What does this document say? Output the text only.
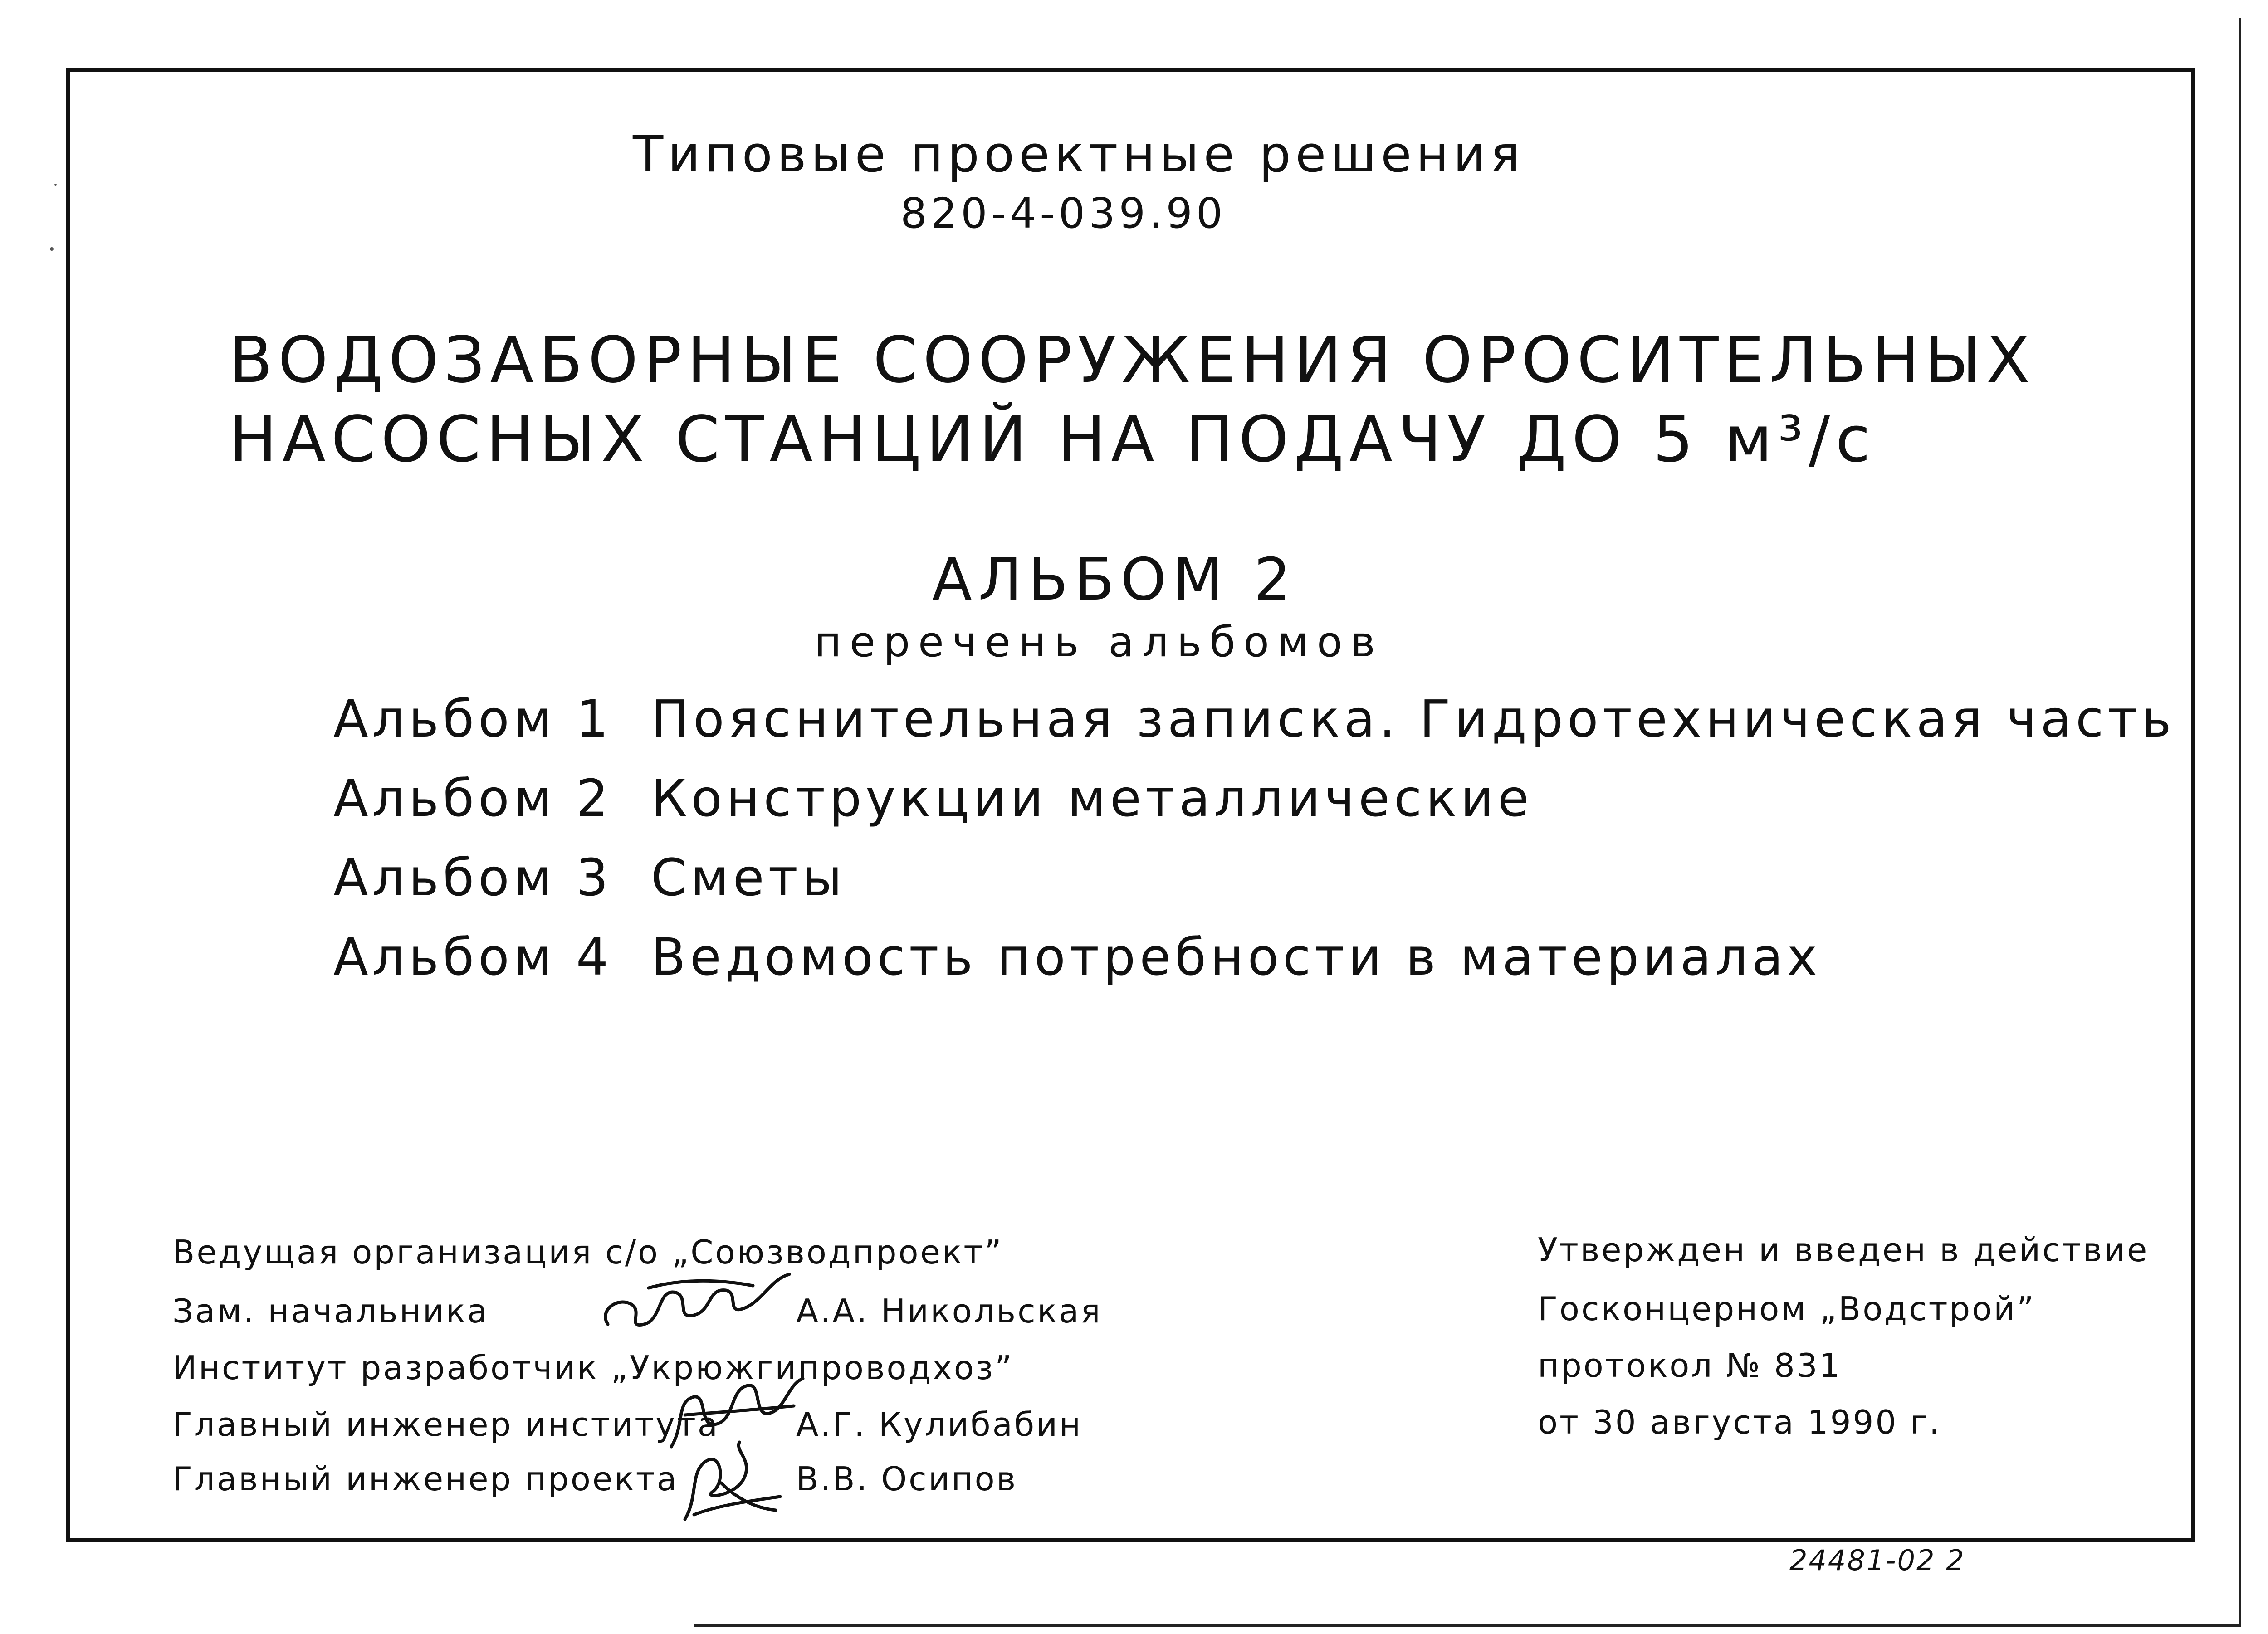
Типовые проектные решения
820-4-039.90
ВОДОЗАБОРНЫЕ СООРУЖЕНИЯ ОРОСИТЕЛЬНЫХ
НАСОСНЫХ СТАНЦИЙ НА ПОДАЧУ ДО 5 м³/с
АЛЬБОМ 2
перечень альбомов
Альбом 1 Пояснительная записка. Гидротехническая часть
Альбом 2 Конструкции металлические
Альбом 3 Сметы
Альбом 4 Ведомость потребности в материалах
Ведущая организация с/о „Союзводпроект”
Зам. начальника	А.А. Никольская
Институт разработчик „Укрюжгипроводхоз”
Главный инженер института А.Г. Кулибабин
Главный инженер проекта	В.В. Осипов
Утвержден и введен в действие
Госконцерном „Водстрой”
протокол № 831
от 30 августа 1990 г.
24481-02 2
